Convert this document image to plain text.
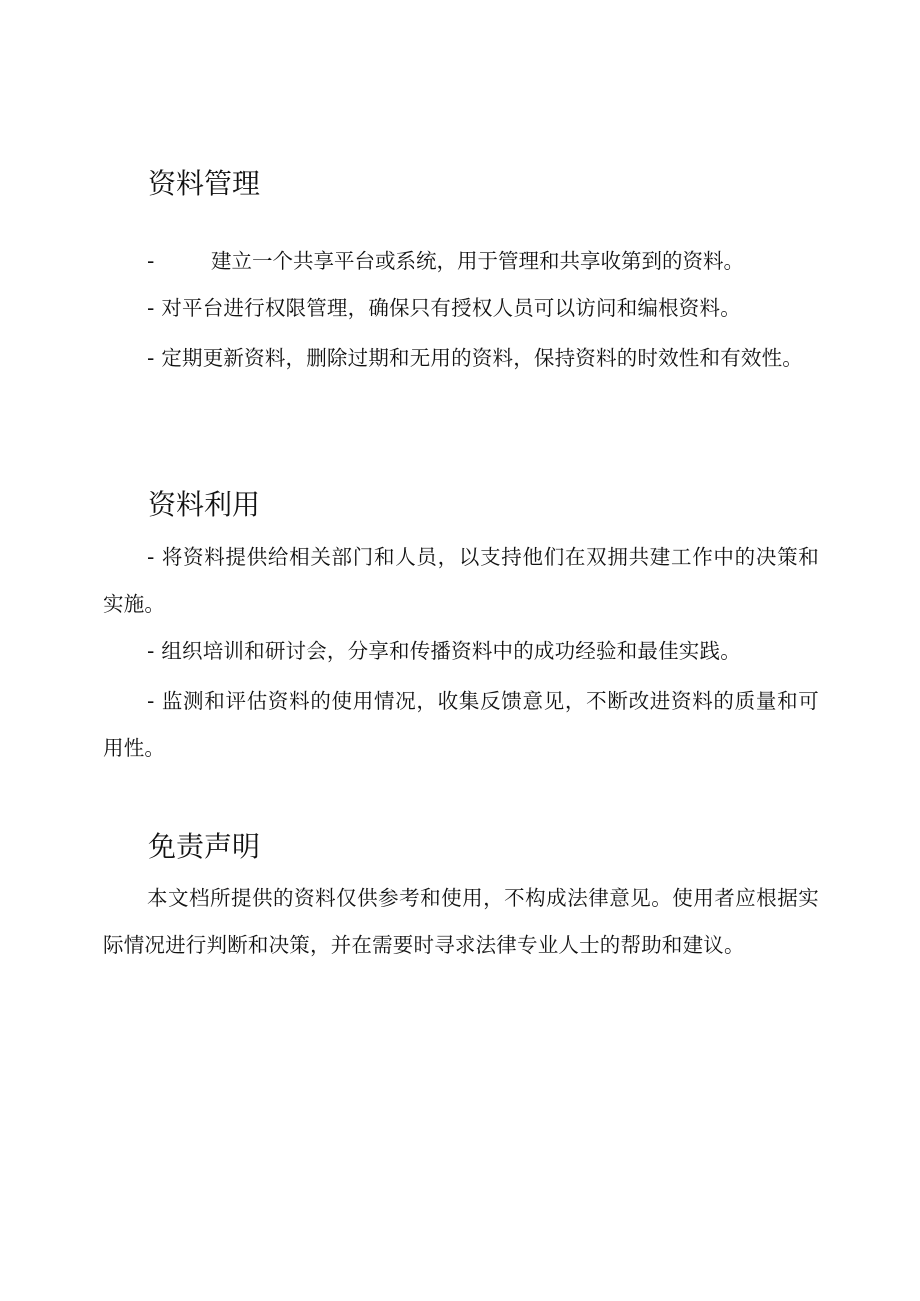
资料管理
-	建立一个共享平台或系统，用于管理和共享收第到的资料。

- 对平台进行权限管理，确保只有授权人员可以访问和编根资料。

- 定期更新资料，删除过期和无用的资料，保持资料的时效性和有效性。

资料利用

- 将资料提供给相关部门和人员，以支持他们在双拥共建工作中的决策和实施。

- 组织培训和研讨会，分享和传播资料中的成功经验和最佳实践。

- 监测和评估资料的使用情况，收集反馈意见，不断改进资料的质量和可用性。

免责声明

本文档所提供的资料仅供参考和使用，不构成法律意见。使用者应根据实际情况进行判断和决策，并在需要时寻求法律专业人士的帮助和建议。
